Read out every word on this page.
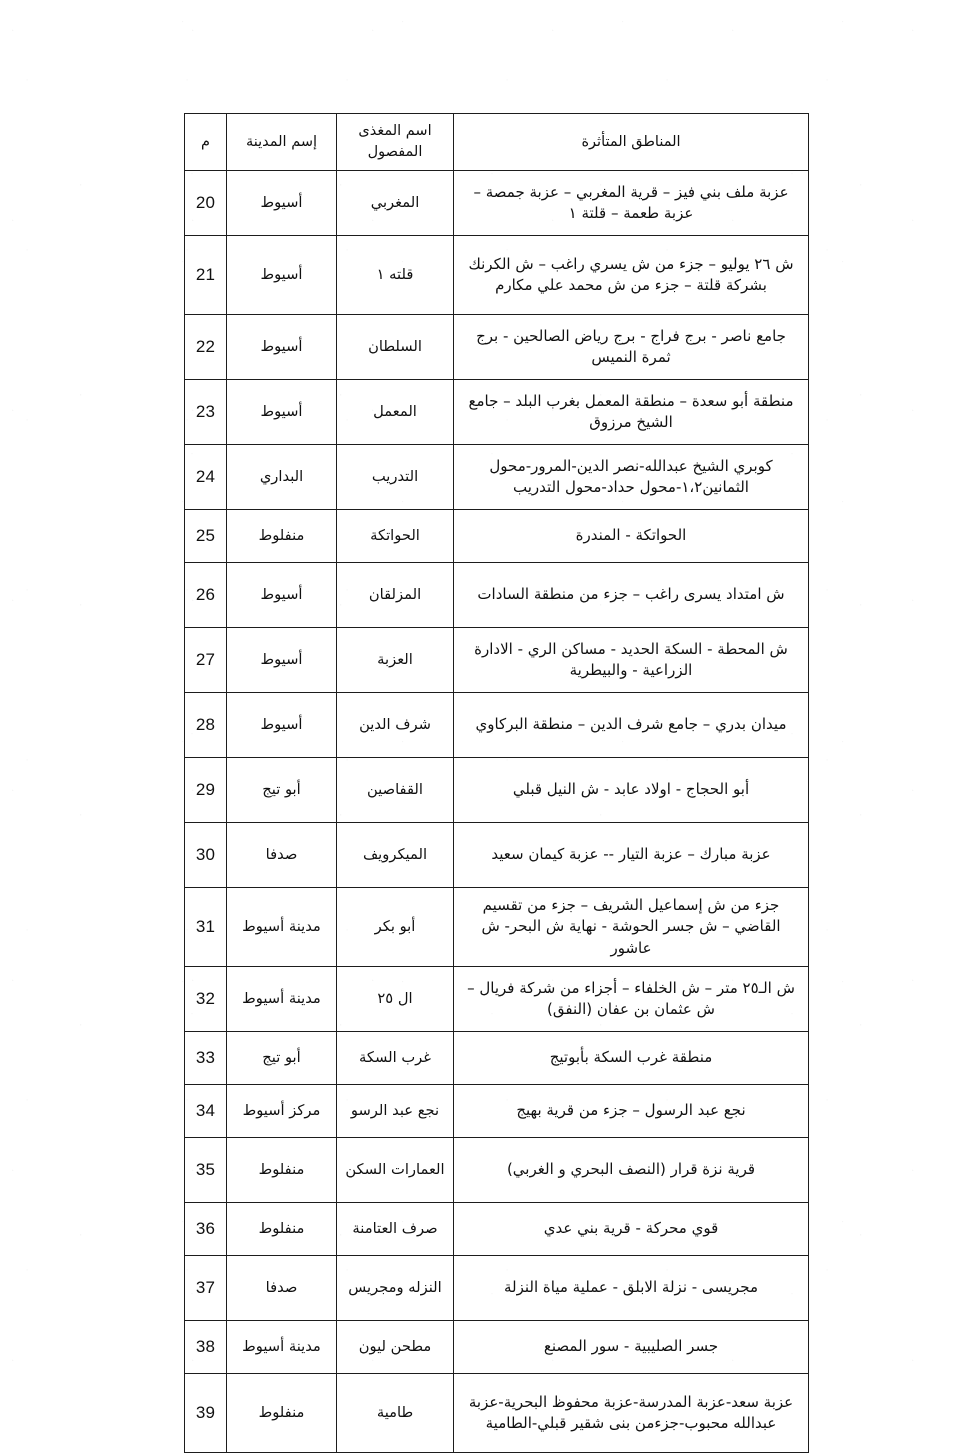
المناطق المتأثرة	اسم المغذى المفصول	إسم المدينة	م
عزبة ملف بني فيز – قرية المغربي – عزبة جمصة – عزبة طعمة – قلتة ١	المغربي	أسيوط	20
ش ٢٦ يوليو – جزء من ش يسري راغب – ش الكرنك بشركة قلتة – جزء من ش محمد علي مكارم	قلته ١	أسيوط	21
جامع ناصر - برج فراج - برج رياض الصالحين - برج ثمرة النميس	السلطان	أسيوط	22
منطقة أبو سعدة – منطقة المعمل بغرب البلد – جامع الشيخ مرزوق	المعمل	أسيوط	23
كوبري الشيخ عبدالله-نصر الدين-المرور-محول الثمانين١،٢-محول حداد-محول التدريب	التدريب	البداري	24
الحواتكة - المندرة	الحواتكة	منفلوط	25
ش امتداد يسرى راغب – جزء من منطقة السادات	المزلقان	أسيوط	26
ش المحطة - السكة الحديد - مساكن الري - الادارة الزراعية - والبيطرية	العزبة	أسيوط	27
ميدان بدري – جامع شرف الدين – منطقة البركاوي	شرف الدين	أسيوط	28
أبو الحجاج - اولاد عابد - ش النيل قبلي	القفاصين	أبو تيج	29
عزبة مبارك – عزبة التيار -- عزبة كيمان سعيد	الميكرويف	صدفا	30
جزء من ش إسماعيل الشريف – جزء من تقسيم القاضي – ش جسر الحوشة - نهاية ش البحر- ش عاشور	أبو بكر	مدينة أسيوط	31
ش الـ٢٥ متر – ش الخلفاء – أجزاء من شركة فريال – ش عثمان بن عفان (النفق)	ال ٢٥	مدينة أسيوط	32
منطقة غرب السكة بأبوتيج	غرب السكة	أبو تيج	33
نجع عبد الرسول – جزء من قرية بهيج	نجع عبد الرسو	مركز أسيوط	34
قرية نزة قرار (النصف البحري و الغربي)	العمارات السكن	منفلوط	35
قوي محركة - قرية بني عدي	صرف العتامنة	منفلوط	36
مجريسى - نزلة الابلق - عملية مياة النزلة	النزله ومجريس	صدفا	37
جسر الصليبية - سور المصنع	مطحن ليون	مدينة أسيوط	38
عزبة سعد-عزبة المدرسة-عزبة محفوظ البحرية-عزبة عبدالله محبوب-جزءمن بنى شقير قبلي-الطامية	طامية	منفلوط	39
